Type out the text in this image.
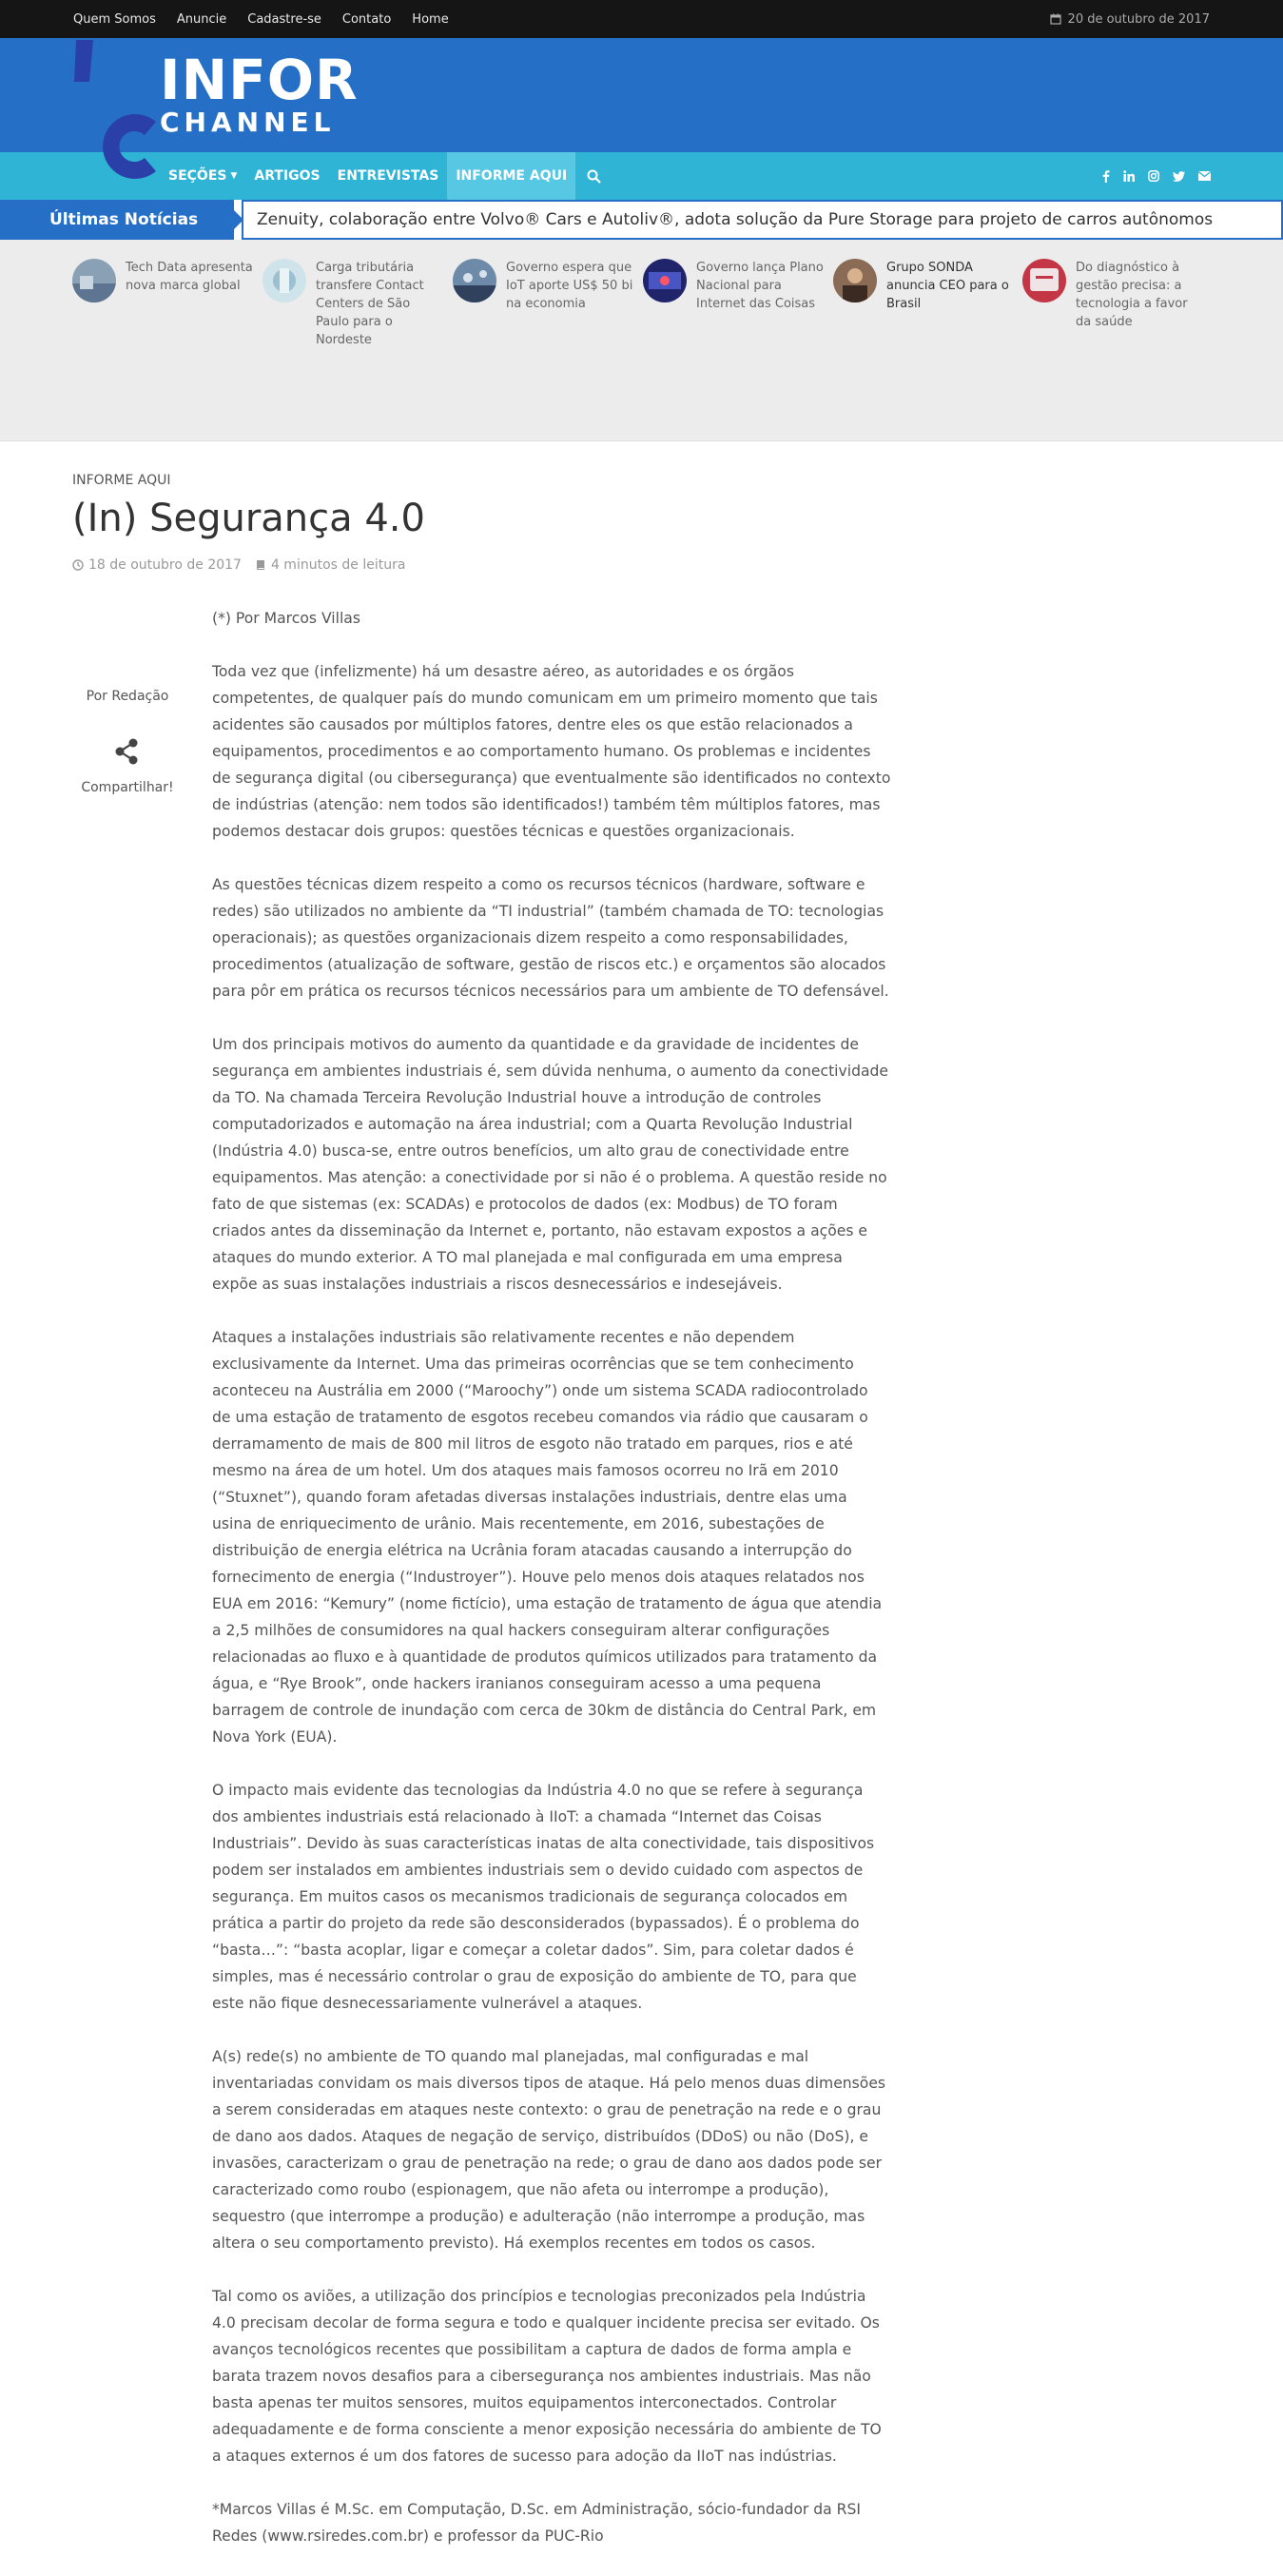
Quem Somos Anuncie Cadastre-se Contato Home	20 de outubro de 2017
INFOR
CHANNEL
SEÇÕES ▼	ARTIGOS	ENTREVISTAS	INFORME AQUI
Últimas Notícias	Zenuity, colaboração entre Volvo® Cars e Autoliv®, adota solução da Pure Storage para projeto de carros autônomos
Tech Data apresenta nova marca global
Carga tributária transfere Contact Centers de São Paulo para o Nordeste
Governo espera que IoT aporte US$ 50 bi na economia
Governo lança Plano Nacional para Internet das Coisas
Grupo SONDA anuncia CEO para o Brasil
Do diagnóstico à gestão precisa: a tecnologia a favor da saúde
INFORME AQUI
(In) Segurança 4.0
18 de outubro de 2017 4 minutos de leitura
Por Redação
Compartilhar!

(*) Por Marcos Villas

Toda vez que (infelizmente) há um desastre aéreo, as autoridades e os órgãos competentes, de qualquer país do mundo comunicam em um primeiro momento que tais acidentes são causados por múltiplos fatores, dentre eles os que estão relacionados a equipamentos, procedimentos e ao comportamento humano. Os problemas e incidentes de segurança digital (ou cibersegurança) que eventualmente são identificados no contexto de indústrias (atenção: nem todos são identificados!) também têm múltiplos fatores, mas podemos destacar dois grupos: questões técnicas e questões organizacionais.

As questões técnicas dizem respeito a como os recursos técnicos (hardware, software e redes) são utilizados no ambiente da “TI industrial” (também chamada de TO: tecnologias operacionais); as questões organizacionais dizem respeito a como responsabilidades, procedimentos (atualização de software, gestão de riscos etc.) e orçamentos são alocados para pôr em prática os recursos técnicos necessários para um ambiente de TO defensável.

Um dos principais motivos do aumento da quantidade e da gravidade de incidentes de segurança em ambientes industriais é, sem dúvida nenhuma, o aumento da conectividade da TO. Na chamada Terceira Revolução Industrial houve a introdução de controles computadorizados e automação na área industrial; com a Quarta Revolução Industrial (Indústria 4.0) busca-se, entre outros benefícios, um alto grau de conectividade entre equipamentos. Mas atenção: a conectividade por si não é o problema. A questão reside no fato de que sistemas (ex: SCADAs) e protocolos de dados (ex: Modbus) de TO foram criados antes da disseminação da Internet e, portanto, não estavam expostos a ações e ataques do mundo exterior. A TO mal planejada e mal configurada em uma empresa expõe as suas instalações industriais a riscos desnecessários e indesejáveis.

Ataques a instalações industriais são relativamente recentes e não dependem exclusivamente da Internet. Uma das primeiras ocorrências que se tem conhecimento aconteceu na Austrália em 2000 (“Maroochy”) onde um sistema SCADA radiocontrolado de uma estação de tratamento de esgotos recebeu comandos via rádio que causaram o derramamento de mais de 800 mil litros de esgoto não tratado em parques, rios e até mesmo na área de um hotel. Um dos ataques mais famosos ocorreu no Irã em 2010 (“Stuxnet”), quando foram afetadas diversas instalações industriais, dentre elas uma usina de enriquecimento de urânio. Mais recentemente, em 2016, subestações de distribuição de energia elétrica na Ucrânia foram atacadas causando a interrupção do fornecimento de energia (“Industroyer”). Houve pelo menos dois ataques relatados nos EUA em 2016: “Kemury” (nome fictício), uma estação de tratamento de água que atendia a 2,5 milhões de consumidores na qual hackers conseguiram alterar configurações relacionadas ao fluxo e à quantidade de produtos químicos utilizados para tratamento da água, e “Rye Brook”, onde hackers iranianos conseguiram acesso a uma pequena barragem de controle de inundação com cerca de 30km de distância do Central Park, em Nova York (EUA).

O impacto mais evidente das tecnologias da Indústria 4.0 no que se refere à segurança dos ambientes industriais está relacionado à IIoT: a chamada “Internet das Coisas Industriais”. Devido às suas características inatas de alta conectividade, tais dispositivos podem ser instalados em ambientes industriais sem o devido cuidado com aspectos de segurança. Em muitos casos os mecanismos tradicionais de segurança colocados em prática a partir do projeto da rede são desconsiderados (bypassados). É o problema do “basta…”: “basta acoplar, ligar e começar a coletar dados”. Sim, para coletar dados é simples, mas é necessário controlar o grau de exposição do ambiente de TO, para que este não fique desnecessariamente vulnerável a ataques.

A(s) rede(s) no ambiente de TO quando mal planejadas, mal configuradas e mal inventariadas convidam os mais diversos tipos de ataque. Há pelo menos duas dimensões a serem consideradas em ataques neste contexto: o grau de penetração na rede e o grau de dano aos dados. Ataques de negação de serviço, distribuídos (DDoS) ou não (DoS), e invasões, caracterizam o grau de penetração na rede; o grau de dano aos dados pode ser caracterizado como roubo (espionagem, que não afeta ou interrompe a produção), sequestro (que interrompe a produção) e adulteração (não interrompe a produção, mas altera o seu comportamento previsto). Há exemplos recentes em todos os casos.

Tal como os aviões, a utilização dos princípios e tecnologias preconizados pela Indústria 4.0 precisam decolar de forma segura e todo e qualquer incidente precisa ser evitado. Os avanços tecnológicos recentes que possibilitam a captura de dados de forma ampla e barata trazem novos desafios para a cibersegurança nos ambientes industriais. Mas não basta apenas ter muitos sensores, muitos equipamentos interconectados. Controlar adequadamente e de forma consciente a menor exposição necessária do ambiente de TO a ataques externos é um dos fatores de sucesso para adoção da IIoT nas indústrias.

*Marcos Villas é M.Sc. em Computação, D.Sc. em Administração, sócio-fundador da RSI Redes (www.rsiredes.com.br) e professor da PUC-Rio
